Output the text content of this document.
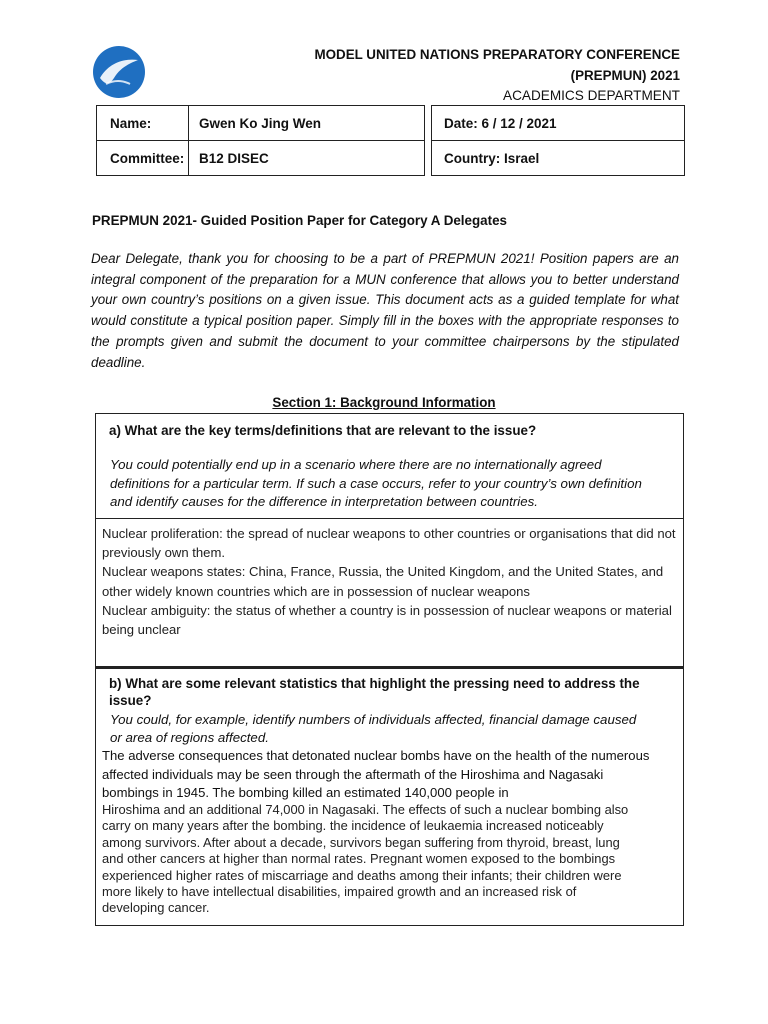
MODEL UNITED NATIONS PREPARATORY CONFERENCE
(PREPMUN) 2021
ACADEMICS DEPARTMENT
Name:	Gwen Ko Jing Wen		Date: 6 / 12 / 2021
Committee:	B12 DISEC		Country: Israel
PREPMUN 2021- Guided Position Paper for Category A Delegates
Dear Delegate, thank you for choosing to be a part of PREPMUN 2021! Position papers are an integral component of the preparation for a MUN conference that allows you to better understand your own country’s positions on a given issue. This document acts as a guided template for what would constitute a typical position paper. Simply fill in the boxes with the appropriate responses to the prompts given and submit the document to your committee chairpersons by the stipulated deadline.
Section 1: Background Information
a) What are the key terms/definitions that are relevant to the issue?
You could potentially end up in a scenario where there are no internationally agreed definitions for a particular term. If such a case occurs, refer to your country’s own definition and identify causes for the difference in interpretation between countries.
Nuclear proliferation: the spread of nuclear weapons to other countries or organisations that did not previously own them.
Nuclear weapons states: China, France, Russia, the United Kingdom, and the United States, and other widely known countries which are in possession of nuclear weapons
Nuclear ambiguity: the status of whether a country is in possession of nuclear weapons or material being unclear
b) What are some relevant statistics that highlight the pressing need to address the issue?
You could, for example, identify numbers of individuals affected, financial damage caused or area of regions affected.
The adverse consequences that detonated nuclear bombs have on the health of the numerous affected individuals may be seen through the aftermath of the Hiroshima and Nagasaki bombings in 1945. The bombing killed an estimated 140,000 people in
Hiroshima and an additional 74,000 in Nagasaki. The effects of such a nuclear bombing also carry on many years after the bombing. the incidence of leukaemia increased noticeably among survivors. After about a decade, survivors began suffering from thyroid, breast, lung and other cancers at higher than normal rates. Pregnant women exposed to the bombings experienced higher rates of miscarriage and deaths among their infants; their children were more likely to have intellectual disabilities, impaired growth and an increased risk of developing cancer.
